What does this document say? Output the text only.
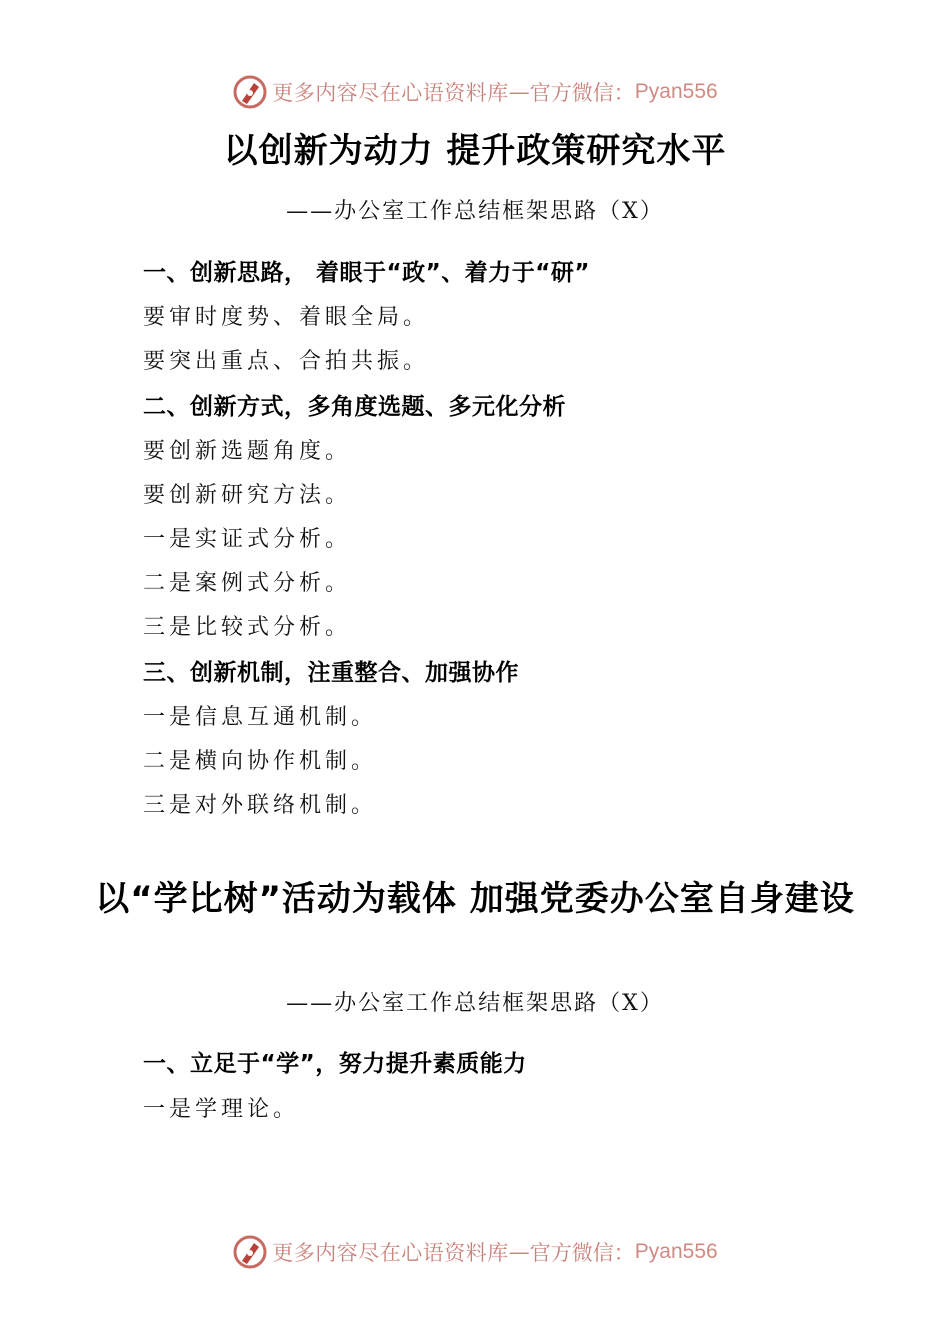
更多内容尽在心语资料库 — 官方微信： Pyan556
以创新为动力 提升政策研究水平
——办公室工作总结框架思路（X）
一、创新思路， 着眼于“政”、着力于“研”
要审时度势、着眼全局。
要突出重点、合拍共振。
二、创新方式，多角度选题、多元化分析
要创新选题角度。
要创新研究方法。
一是实证式分析。
二是案例式分析。
三是比较式分析。
三、创新机制，注重整合、加强协作
一是信息互通机制。
二是横向协作机制。
三是对外联络机制。
以“学比树”活动为载体 加强党委办公室自身建设
——办公室工作总结框架思路（X）
一、立足于“学”，努力提升素质能力
一是学理论。
更多内容尽在心语资料库 — 官方微信： Pyan556
